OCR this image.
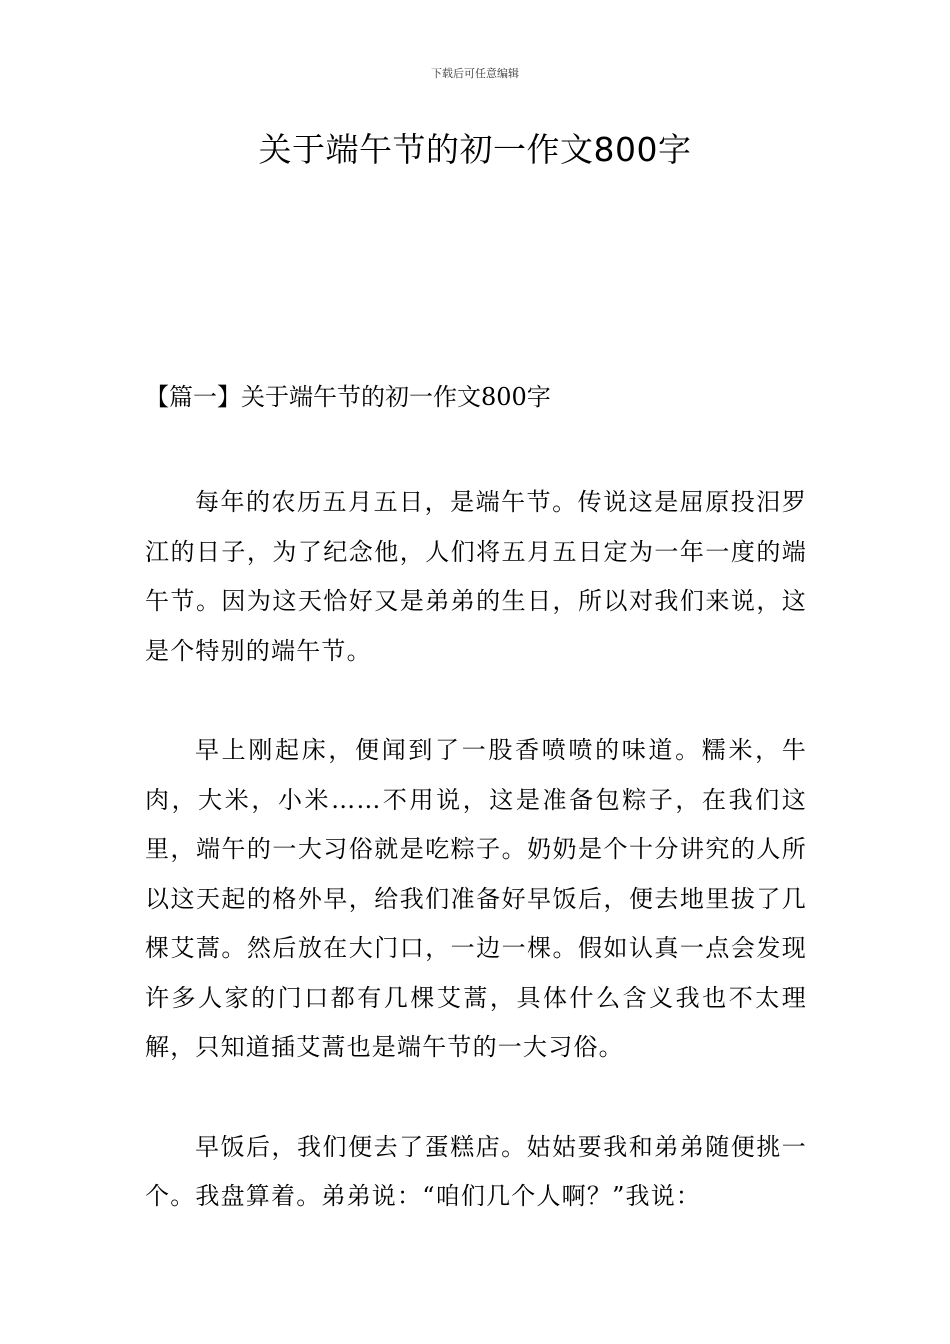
下载后可任意编辑
关于端午节的初一作文800字
【篇一】关于端午节的初一作文800字

每年的农历五月五日，是端午节。传说这是屈原投汨罗江的日子，为了纪念他，人们将五月五日定为一年一度的端午节。因为这天恰好又是弟弟的生日，所以对我们来说，这是个特别的端午节。

早上刚起床，便闻到了一股香喷喷的味道。糯米，牛肉，大米，小米……不用说，这是准备包粽子，在我们这里，端午的一大习俗就是吃粽子。奶奶是个十分讲究的人所以这天起的格外早，给我们准备好早饭后，便去地里拔了几棵艾蒿。然后放在大门口，一边一棵。假如认真一点会发现许多人家的门口都有几棵艾蒿，具体什么含义我也不太理解，只知道插艾蒿也是端午节的一大习俗。

早饭后，我们便去了蛋糕店。姑姑要我和弟弟随便挑一个。我盘算着。弟弟说：“咱们几个人啊？”我说：
